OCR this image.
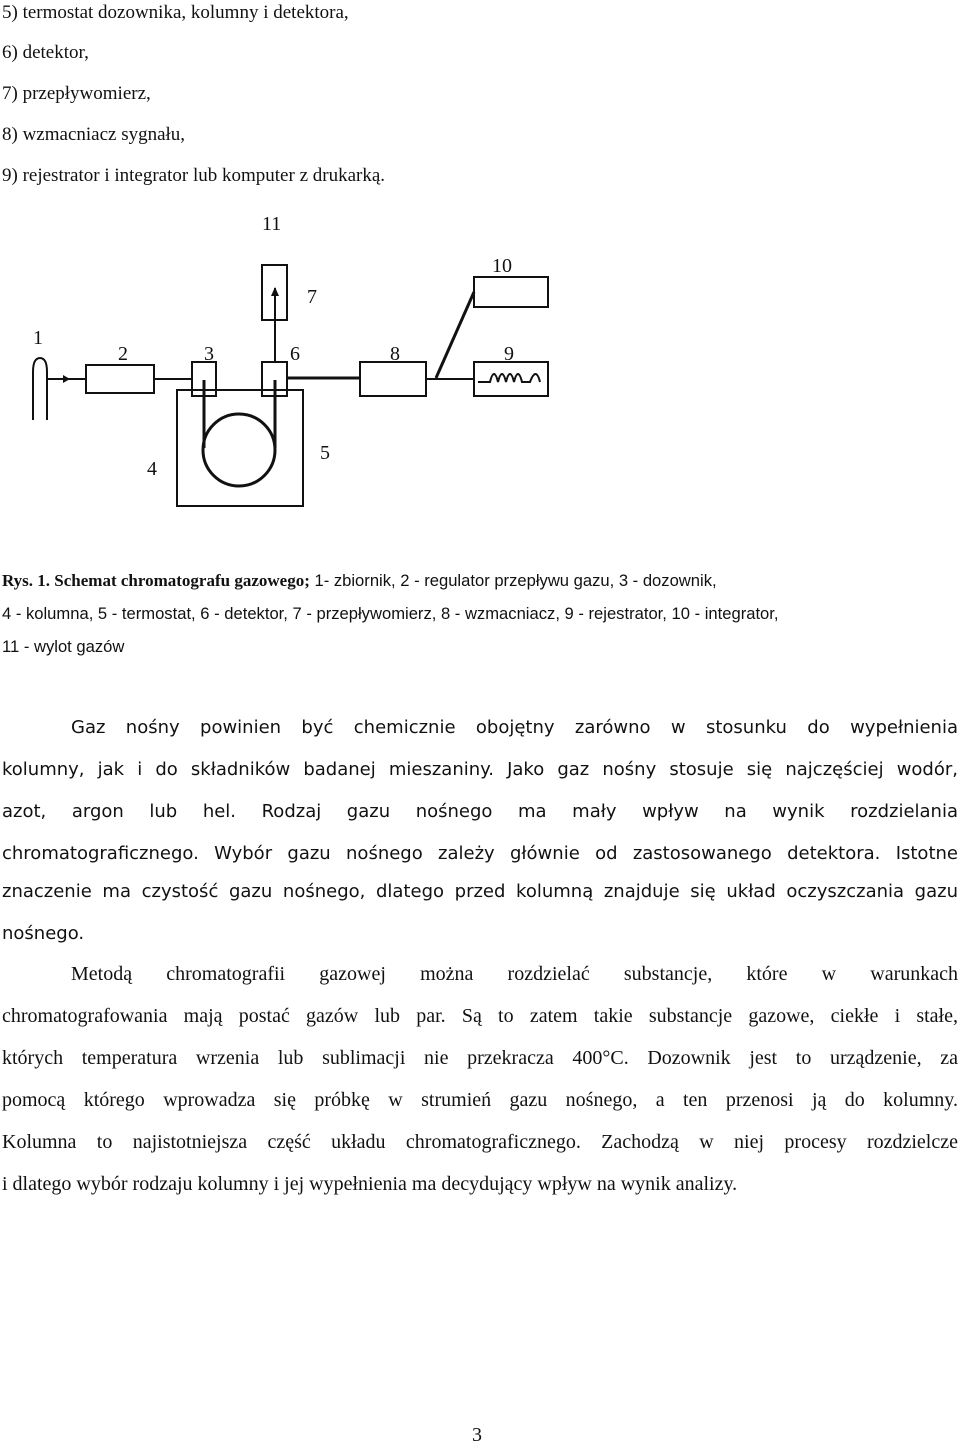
5) termostat dozownika, kolumny i detektora,
6) detektor,
7) przepływomierz,
8) wzmacniacz sygnału,
9) rejestrator i integrator lub komputer z drukarką.
11
10
7
1
2	3	6	8	9
4
5
Rys. 1. Schemat chromatografu gazowego; 1- zbiornik, 2 - regulator przepływu gazu, 3 - dozownik,
4 - kolumna, 5 - termostat, 6 - detektor, 7 - przepływomierz, 8 - wzmacniacz, 9 - rejestrator, 10 - integrator,
11 - wylot gazów
Gaz nośny powinien być chemicznie obojętny zarówno w stosunku do wypełnienia
kolumny, jak i do składników badanej mieszaniny. Jako gaz nośny stosuje się najczęściej wodór,
azot, argon lub hel. Rodzaj gazu nośnego ma mały wpływ na wynik rozdzielania
chromatograficznego. Wybór gazu nośnego zależy głównie od zastosowanego detektora. Istotne
znaczenie ma czystość gazu nośnego, dlatego przed kolumną znajduje się układ oczyszczania gazu
nośnego.
Metodą chromatografii gazowej można rozdzielać substancje, które w warunkach
chromatografowania mają postać gazów lub par. Są to zatem takie substancje gazowe, ciekłe i stałe,
których temperatura wrzenia lub sublimacji nie przekracza 400°C. Dozownik jest to urządzenie, za
pomocą którego wprowadza się próbkę w strumień gazu nośnego, a ten przenosi ją do kolumny.
Kolumna to najistotniejsza część układu chromatograficznego. Zachodzą w niej procesy rozdzielcze
i dlatego wybór rodzaju kolumny i jej wypełnienia ma decydujący wpływ na wynik analizy.
3
